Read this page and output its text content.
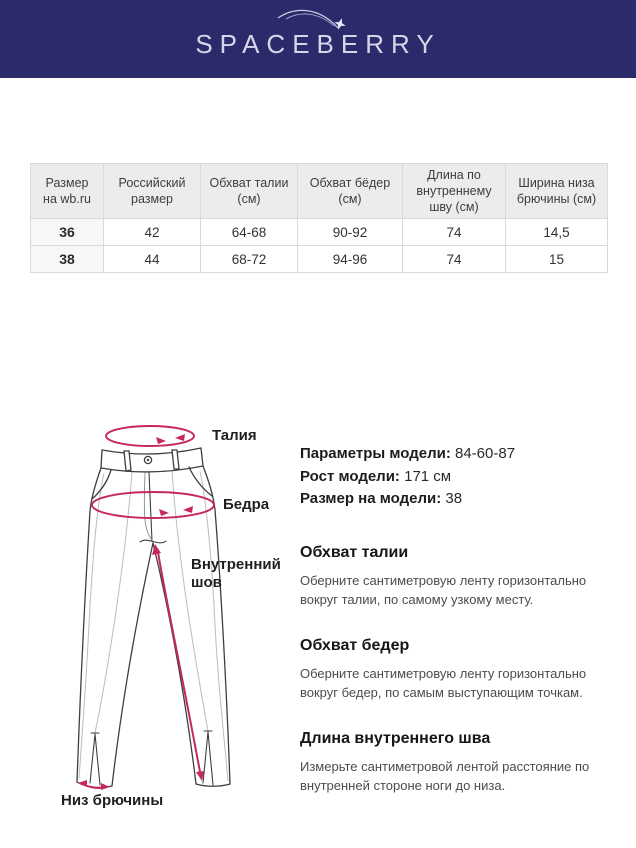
SPACEBERRY
Размер на wb.ru	Российский размер	Обхват талии (см)	Обхват бёдер (см)	Длина по внутреннему шву (см)	Ширина низа брючины (см)
36	42	64-68	90-92	74	14,5
38	44	68-72	94-96	74	15
Талия
Бедра
Внутренний шов
Низ брючины
Параметры модели: 84-60-87
Рост модели: 171 см
Размер на модели: 38
Обхват талии

Оберните сантиметровую ленту горизонтально вокруг талии, по самому узкому месту.

Обхват бедер

Оберните сантиметровую ленту горизонтально вокруг бедер, по самым выступающим точкам.

Длина внутреннего шва

Измерьте сантиметровой лентой расстояние по внутренней стороне ноги до низа.
